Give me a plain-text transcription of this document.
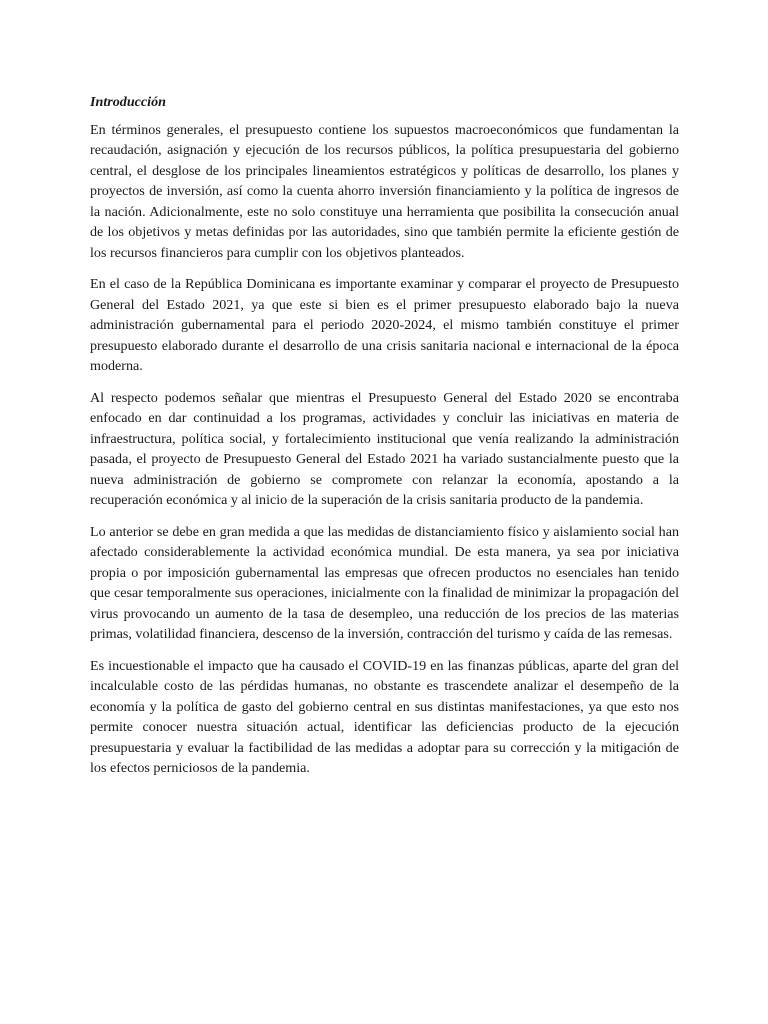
Introducción

En términos generales, el presupuesto contiene los supuestos macroeconómicos que fundamentan la recaudación, asignación y ejecución de los recursos públicos, la política presupuestaria del gobierno central, el desglose de los principales lineamientos estratégicos y políticas de desarrollo, los planes y proyectos de inversión, así como la cuenta ahorro inversión financiamiento y la política de ingresos de la nación. Adicionalmente, este no solo constituye una herramienta que posibilita la consecución anual de los objetivos y metas definidas por las autoridades, sino que también permite la eficiente gestión de los recursos financieros para cumplir con los objetivos planteados.

En el caso de la República Dominicana es importante examinar y comparar el proyecto de Presupuesto General del Estado 2021, ya que este si bien es el primer presupuesto elaborado bajo la nueva administración gubernamental para el periodo 2020-2024, el mismo también constituye el primer presupuesto elaborado durante el desarrollo de una crisis sanitaria nacional e internacional de la época moderna.

Al respecto podemos señalar que mientras el Presupuesto General del Estado 2020 se encontraba enfocado en dar continuidad a los programas, actividades y concluir las iniciativas en materia de infraestructura, política social, y fortalecimiento institucional que venía realizando la administración pasada, el proyecto de Presupuesto General del Estado 2021 ha variado sustancialmente puesto que la nueva administración de gobierno se compromete con relanzar la economía, apostando a la recuperación económica y al inicio de la superación de la crisis sanitaria producto de la pandemia.

Lo anterior se debe en gran medida a que las medidas de distanciamiento físico y aislamiento social han afectado considerablemente la actividad económica mundial. De esta manera, ya sea por iniciativa propia o por imposición gubernamental las empresas que ofrecen productos no esenciales han tenido que cesar temporalmente sus operaciones, inicialmente con la finalidad de minimizar la propagación del virus provocando un aumento de la tasa de desempleo, una reducción de los precios de las materias primas, volatilidad financiera, descenso de la inversión, contracción del turismo y caída de las remesas.

Es incuestionable el impacto que ha causado el COVID-19 en las finanzas públicas, aparte del gran del incalculable costo de las pérdidas humanas, no obstante es trascendete analizar el desempeño de la economía y la política de gasto del gobierno central en sus distintas manifestaciones, ya que esto nos permite conocer nuestra situación actual, identificar las deficiencias producto de la ejecución presupuestaria y evaluar la factibilidad de las medidas a adoptar para su corrección y la mitigación de los efectos perniciosos de la pandemia.
